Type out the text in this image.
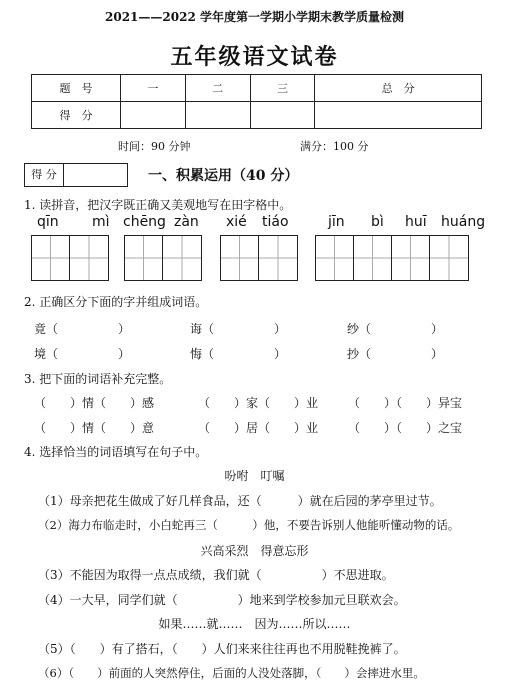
2021——2022 学年度第一学期小学期末教学质量检测
五年级语文试卷
题　号	一	二	三	总　分
得　分				
时间：90 分钟	满分：100 分
得 分	一、积累运用（40 分）
1. 读拼音，把汉字既正确又美观地写在田字格中。
qīn mì chēng zàn xié tiáo	jīn bì huī huáng
2. 正确区分下面的字并组成词语。
竟（　　　　　）	诲（　　　　　）	纱（　　　　　）
境（　　　　　）	悔（　　　　　）	抄（　　　　　）
3. 把下面的词语补充完整。
（　　）情（　　）感	（　　）家（　　）业 （　　）（　　）异宝
（　　）情（　　）意	（　　）居（　　）业 （　　）（　　）之宝
4. 选择恰当的词语填写在句子中。
吩咐　叮嘱
（1）母亲把花生做成了好几样食品，还（　　　）就在后园的茅亭里过节。
（2）海力布临走时，小白蛇再三（　　　）他，不要告诉别人他能听懂动物的话。
兴高采烈　得意忘形
（3）不能因为取得一点点成绩，我们就（　　　　　）不思进取。
（4）一大早，同学们就（　　　　　）地来到学校参加元旦联欢会。
如果……就……　因为……所以……
（5）（　　）有了搭石，（　　）人们来来往往再也不用脱鞋挽裤了。
（6）（　　）前面的人突然停住，后面的人没处落脚，（　　）会摔进水里。
